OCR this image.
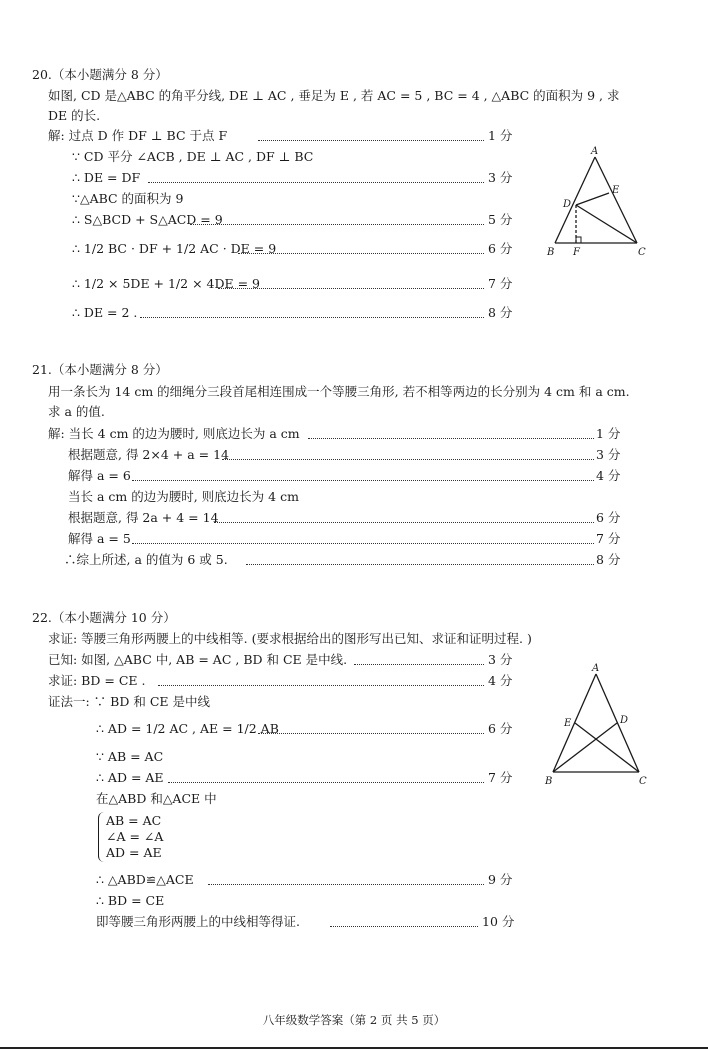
20.（本小题满分 8 分）
如图, CD 是△ABC 的角平分线, DE ⊥ AC , 垂足为 E , 若 AC = 5 , BC = 4 , △ABC 的面积为 9 , 求
DE 的长.
解: 过点 D 作 DF ⊥ BC 于点 F	1 分
∵ CD 平分 ∠ACB , DE ⊥ AC , DF ⊥ BC
∴ DE = DF	3 分
∵△ABC 的面积为 9
∴ S△BCD + S△ACD = 9	5 分
∴ 1/2 BC · DF + 1/2 AC · DE = 9	6 分
∴ 1/2 × 5DE + 1/2 × 4DE = 9	7 分
∴ DE = 2 .	8 分
A
B	C
D
E
F
21.（本小题满分 8 分）
用一条长为 14 cm 的细绳分三段首尾相连围成一个等腰三角形, 若不相等两边的长分别为 4 cm 和 a cm.
求 a 的值.
解: 当长 4 cm 的边为腰时, 则底边长为 a cm	1 分
根据题意, 得 2×4 + a = 14	3 分
解得 a = 6	4 分
当长 a cm 的边为腰时, 则底边长为 4 cm
根据题意, 得 2a + 4 = 14	6 分
解得 a = 5	7 分
∴综上所述, a 的值为 6 或 5.	8 分
22.（本小题满分 10 分）
求证: 等腰三角形两腰上的中线相等. (要求根据给出的图形写出已知、求证和证明过程. )
已知: 如图, △ABC 中, AB = AC , BD 和 CE 是中线.	3 分
求证: BD = CE .	4 分
证法一: ∵ BD 和 CE 是中线
∴ AD = 1/2 AC , AE = 1/2 AB	6 分
∵ AB = AC
∴ AD = AE	7 分
在△ABD 和△ACE 中
AB = AC
∠A = ∠A
AD = AE
∴ △ABD≌△ACE	9 分
∴ BD = CE
即等腰三角形两腰上的中线相等得证.	10 分
A
B	C
D
E
八年级数学答案（第 2 页 共 5 页）
